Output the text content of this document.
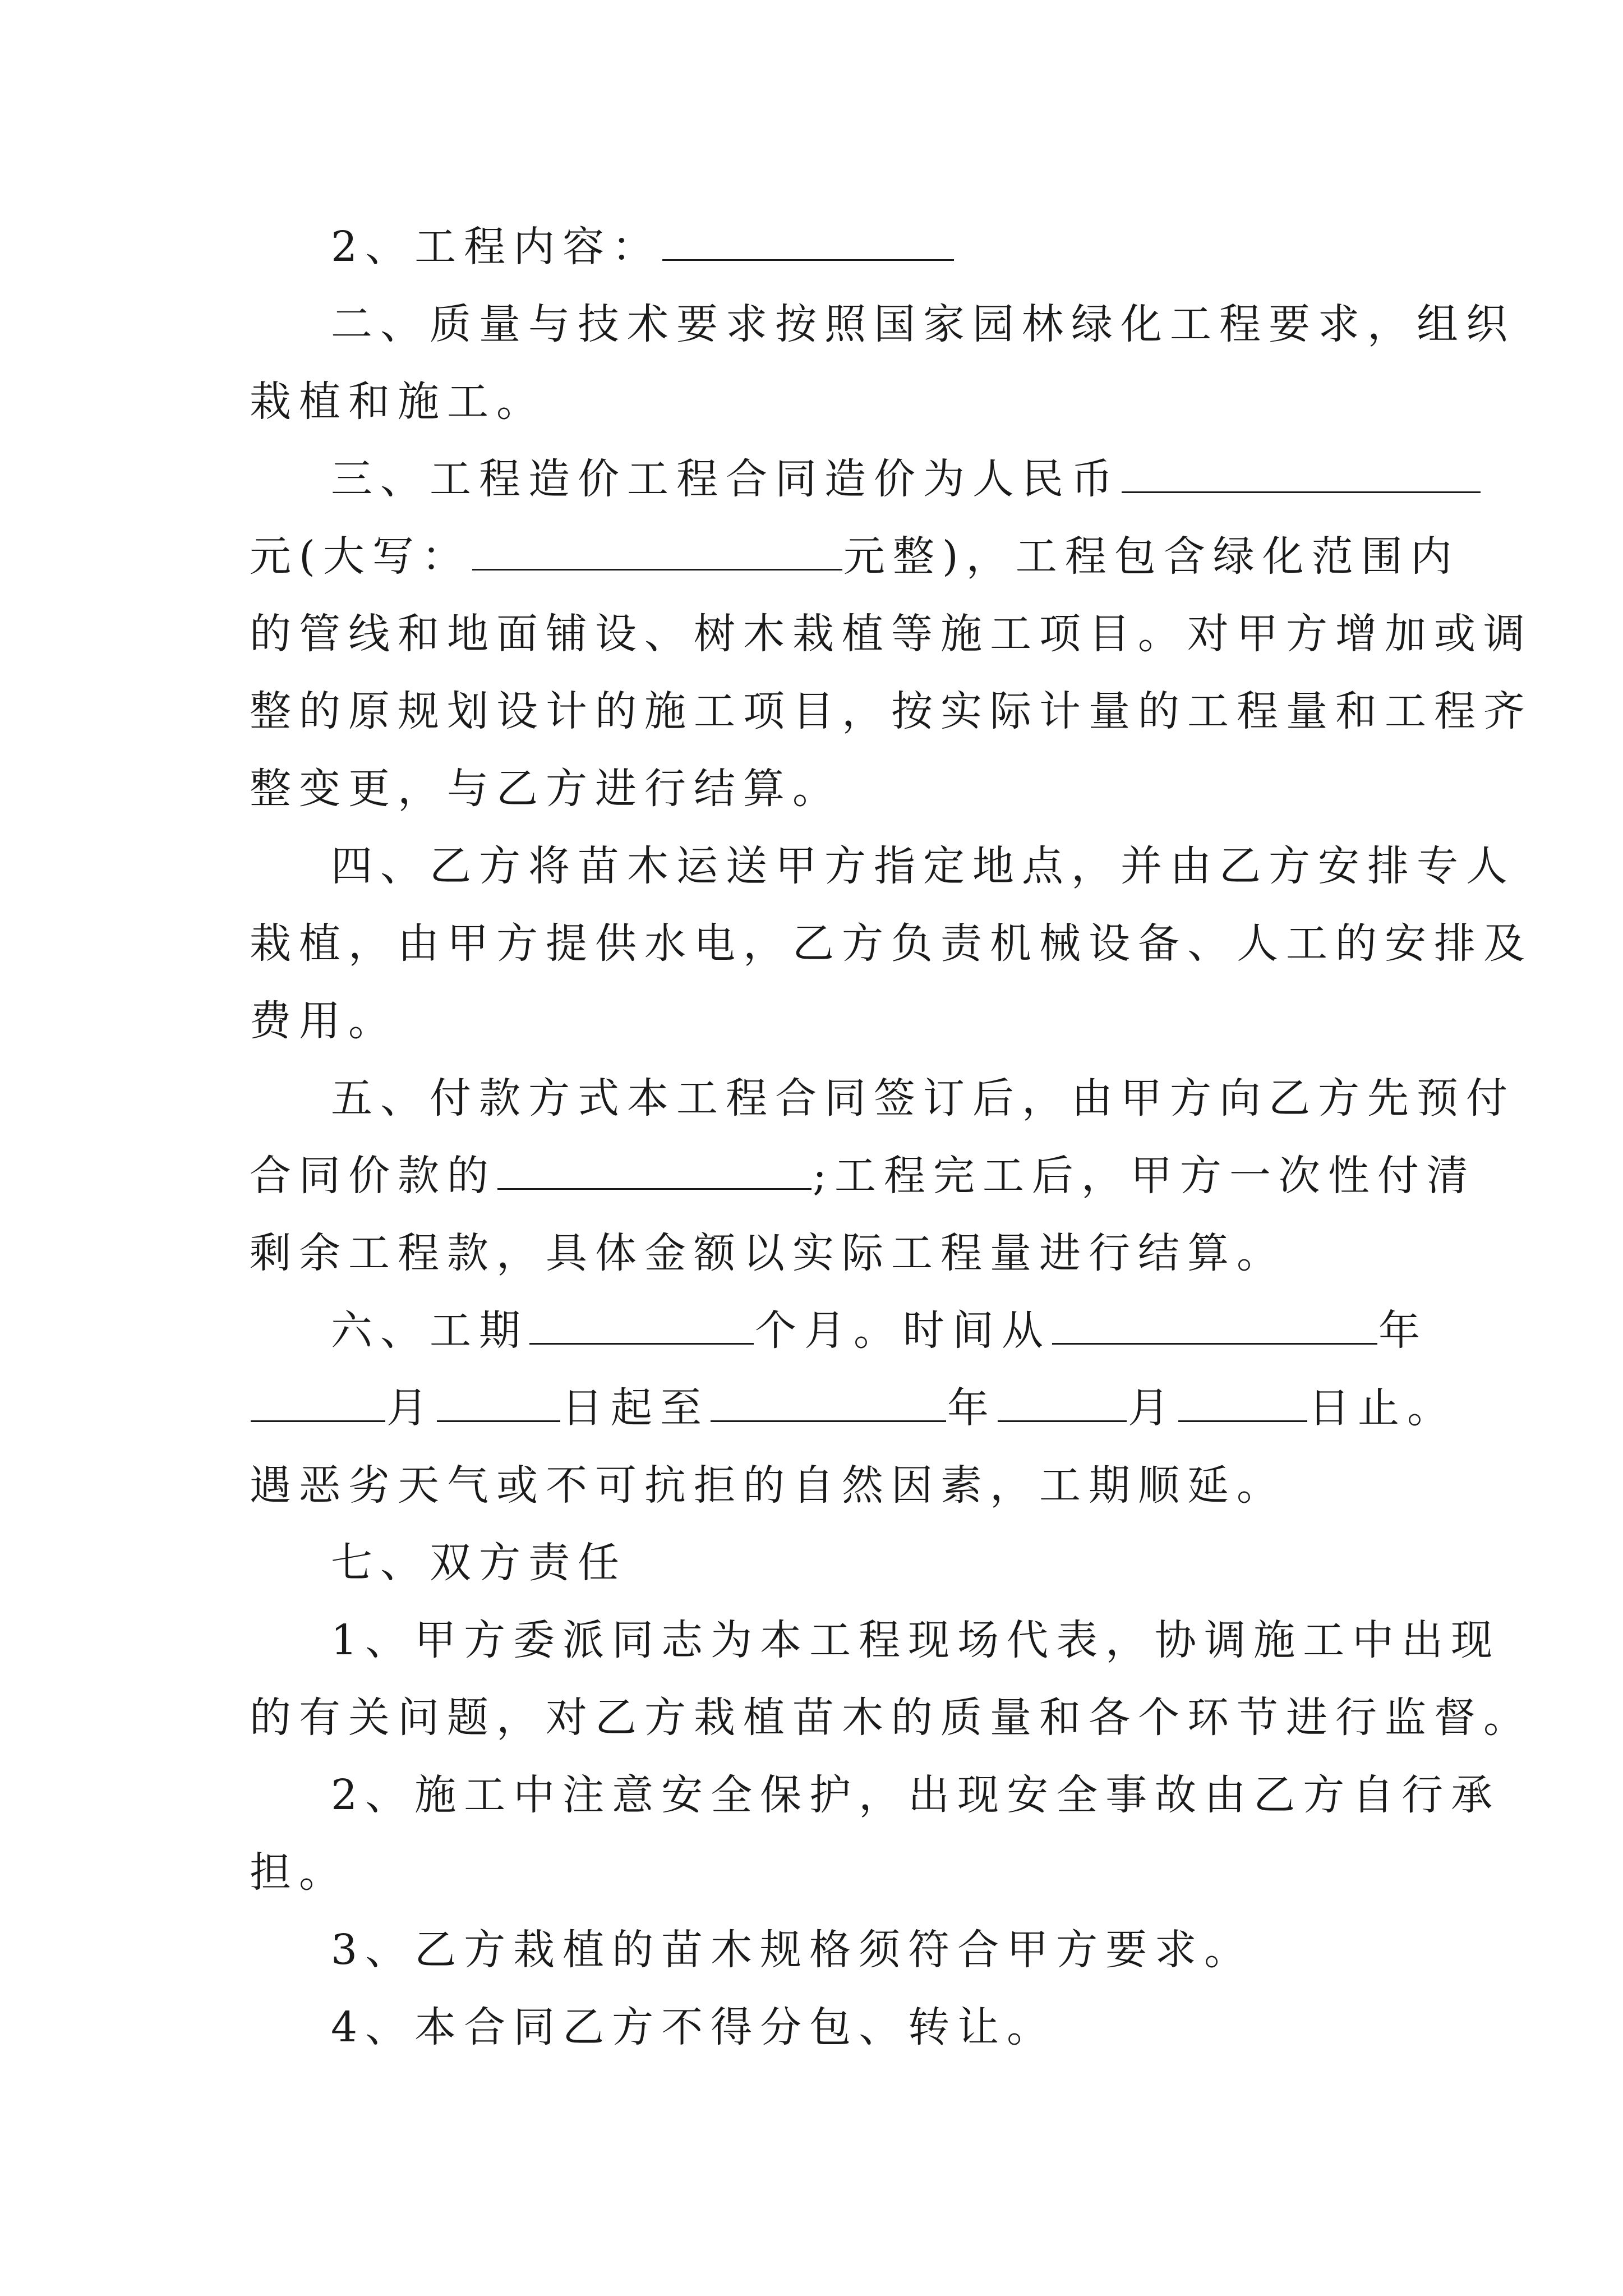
2、工程内容：
二、质量与技术要求按照国家园林绿化工程要求，组织
栽植和施工。
三、工程造价工程合同造价为人民币
元(大写：	元整)，工程包含绿化范围内
的管线和地面铺设、树木栽植等施工项目。对甲方增加或调
整的原规划设计的施工项目，按实际计量的工程量和工程齐
整变更，与乙方进行结算。
四、乙方将苗木运送甲方指定地点，并由乙方安排专人
栽植，由甲方提供水电，乙方负责机械设备、人工的安排及
费用。
五、付款方式本工程合同签订后，由甲方向乙方先预付
合同价款的	;工程完工后，甲方一次性付清
剩余工程款，具体金额以实际工程量进行结算。
六、工期	个月。时间从	年
月	日起至	年	月	日止。
遇恶劣天气或不可抗拒的自然因素，工期顺延。
七、双方责任
1、甲方委派同志为本工程现场代表，协调施工中出现
的有关问题，对乙方栽植苗木的质量和各个环节进行监督。
2、施工中注意安全保护，出现安全事故由乙方自行承
担。
3、乙方栽植的苗木规格须符合甲方要求。
4、本合同乙方不得分包、转让。
